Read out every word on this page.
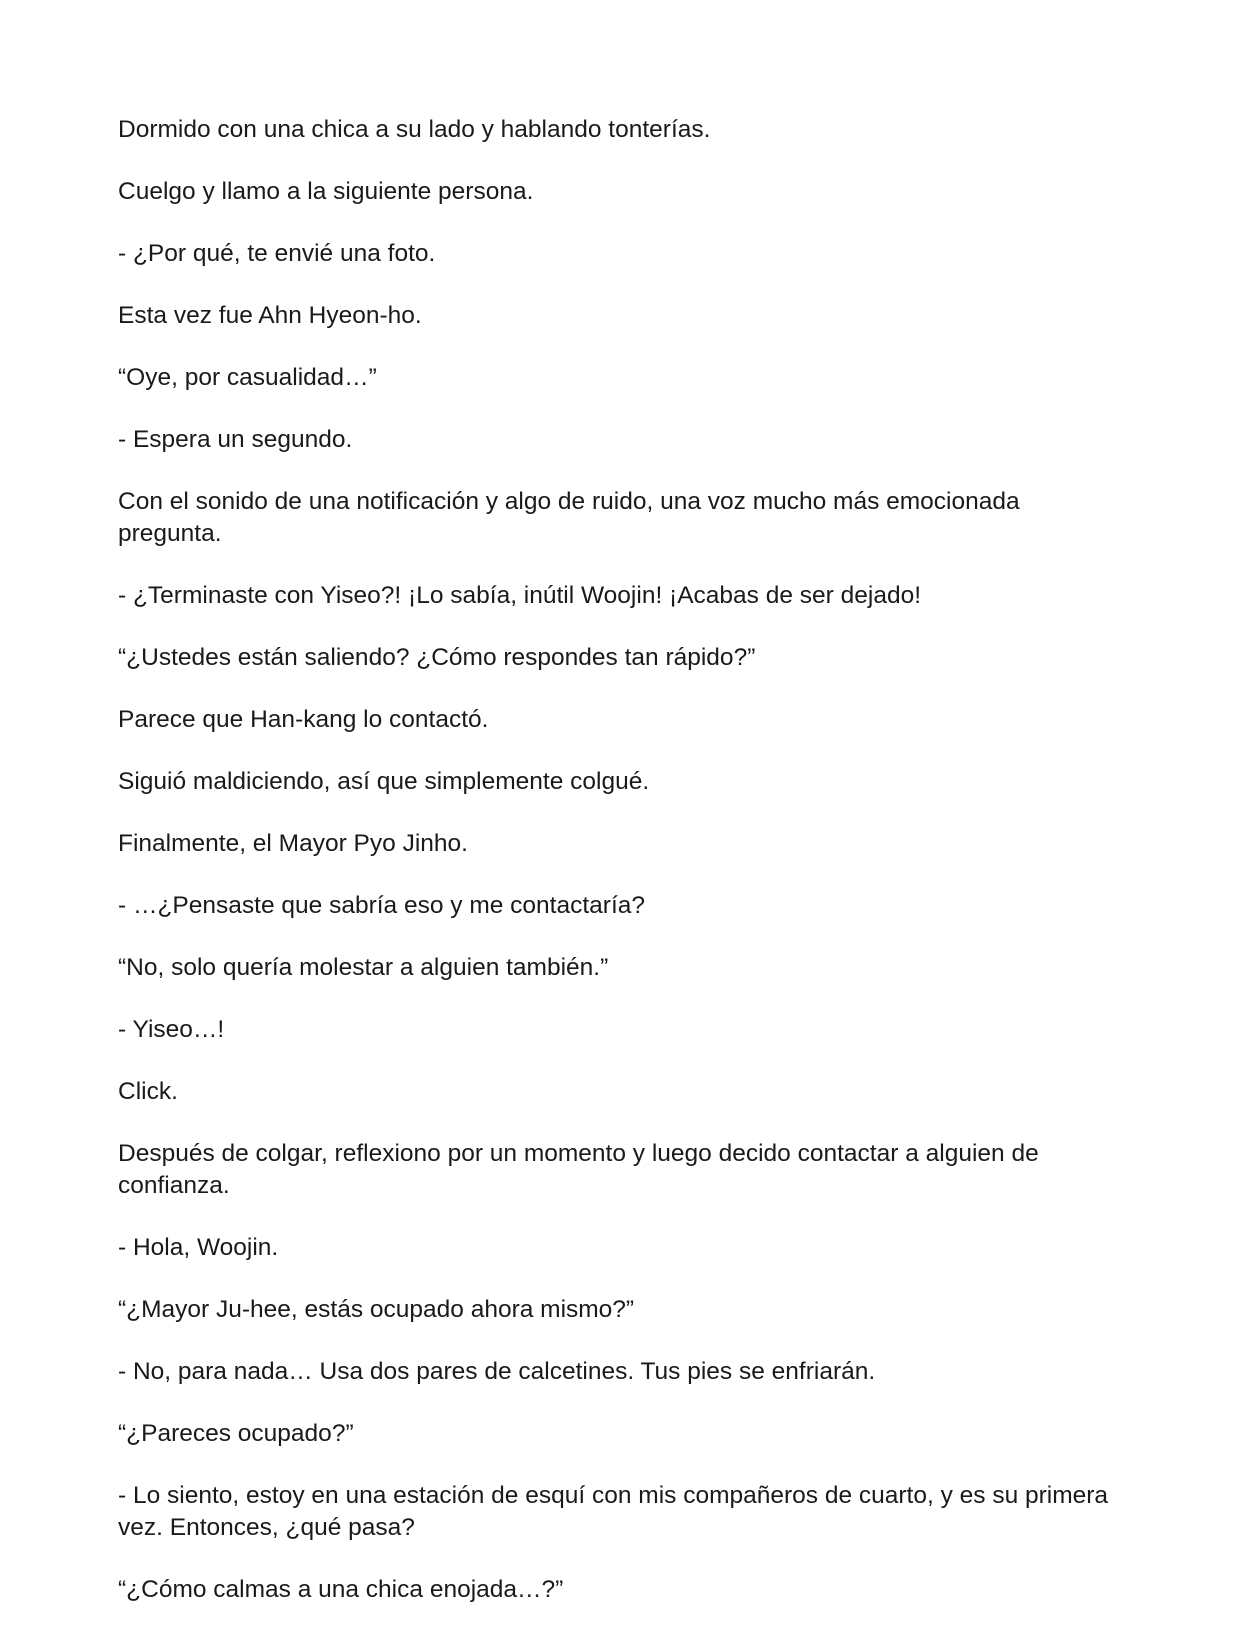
Dormido con una chica a su lado y hablando tonterías.

Cuelgo y llamo a la siguiente persona.

- ¿Por qué, te envié una foto.

Esta vez fue Ahn Hyeon-ho.

“Oye, por casualidad…”

- Espera un segundo.

Con el sonido de una notificación y algo de ruido, una voz mucho más emocionada pregunta.

- ¿Terminaste con Yiseo?! ¡Lo sabía, inútil Woojin! ¡Acabas de ser dejado!

“¿Ustedes están saliendo? ¿Cómo respondes tan rápido?”

Parece que Han-kang lo contactó.

Siguió maldiciendo, así que simplemente colgué.

Finalmente, el Mayor Pyo Jinho.

- …¿Pensaste que sabría eso y me contactaría?

“No, solo quería molestar a alguien también.”

- Yiseo…!

Click.

Después de colgar, reflexiono por un momento y luego decido contactar a alguien de confianza.

- Hola, Woojin.

“¿Mayor Ju-hee, estás ocupado ahora mismo?”

- No, para nada… Usa dos pares de calcetines. Tus pies se enfriarán.

“¿Pareces ocupado?”

- Lo siento, estoy en una estación de esquí con mis compañeros de cuarto, y es su primera vez. Entonces, ¿qué pasa?

“¿Cómo calmas a una chica enojada…?”
